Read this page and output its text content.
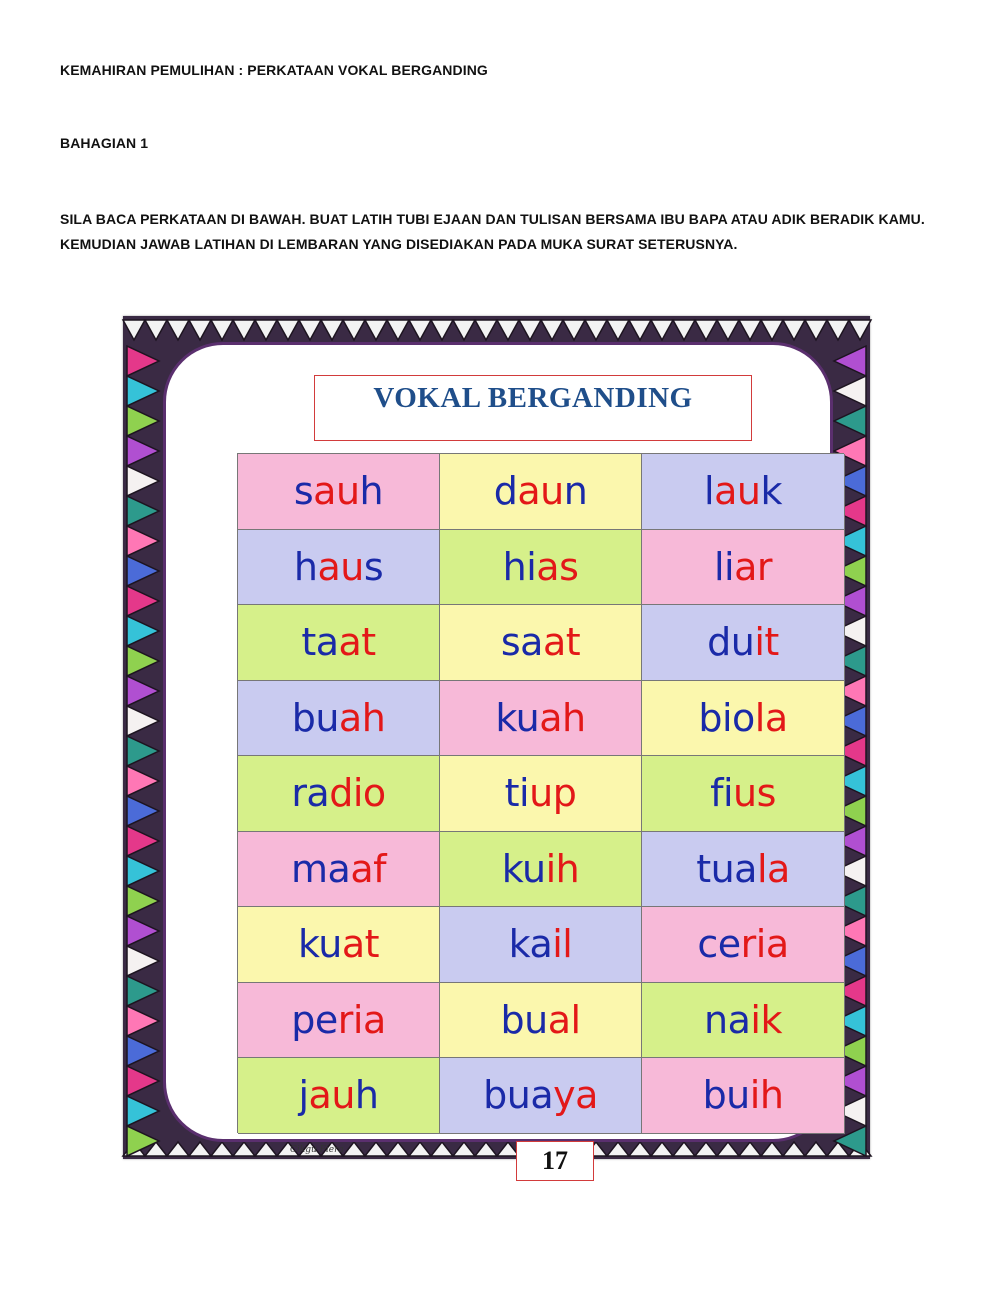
KEMAHIRAN PEMULIHAN : PERKATAAN VOKAL BERGANDING
BAHAGIAN 1
SILA BACA PERKATAAN DI BAWAH. BUAT LATIH TUBI EJAAN DAN TULISAN BERSAMA IBU BAPA ATAU ADIK BERADIK KAMU. KEMUDIAN JAWAB LATIHAN DI LEMBARAN YANG DISEDIAKAN PADA MUKA SURAT SETERUSNYA.
VOKAL BERGANDING
s au h	d au n	l au k
h au s	hi as	li ar
ta at	sa at	du it
bu ah	ku ah	bio la
ra dio	ti up	fi us
ma af	ku ih	tua la
ku at	ka il	ce ria
pe ria	bu al	na ik
j au h	bua ya	bu ih
Cikgu Fiera	17
